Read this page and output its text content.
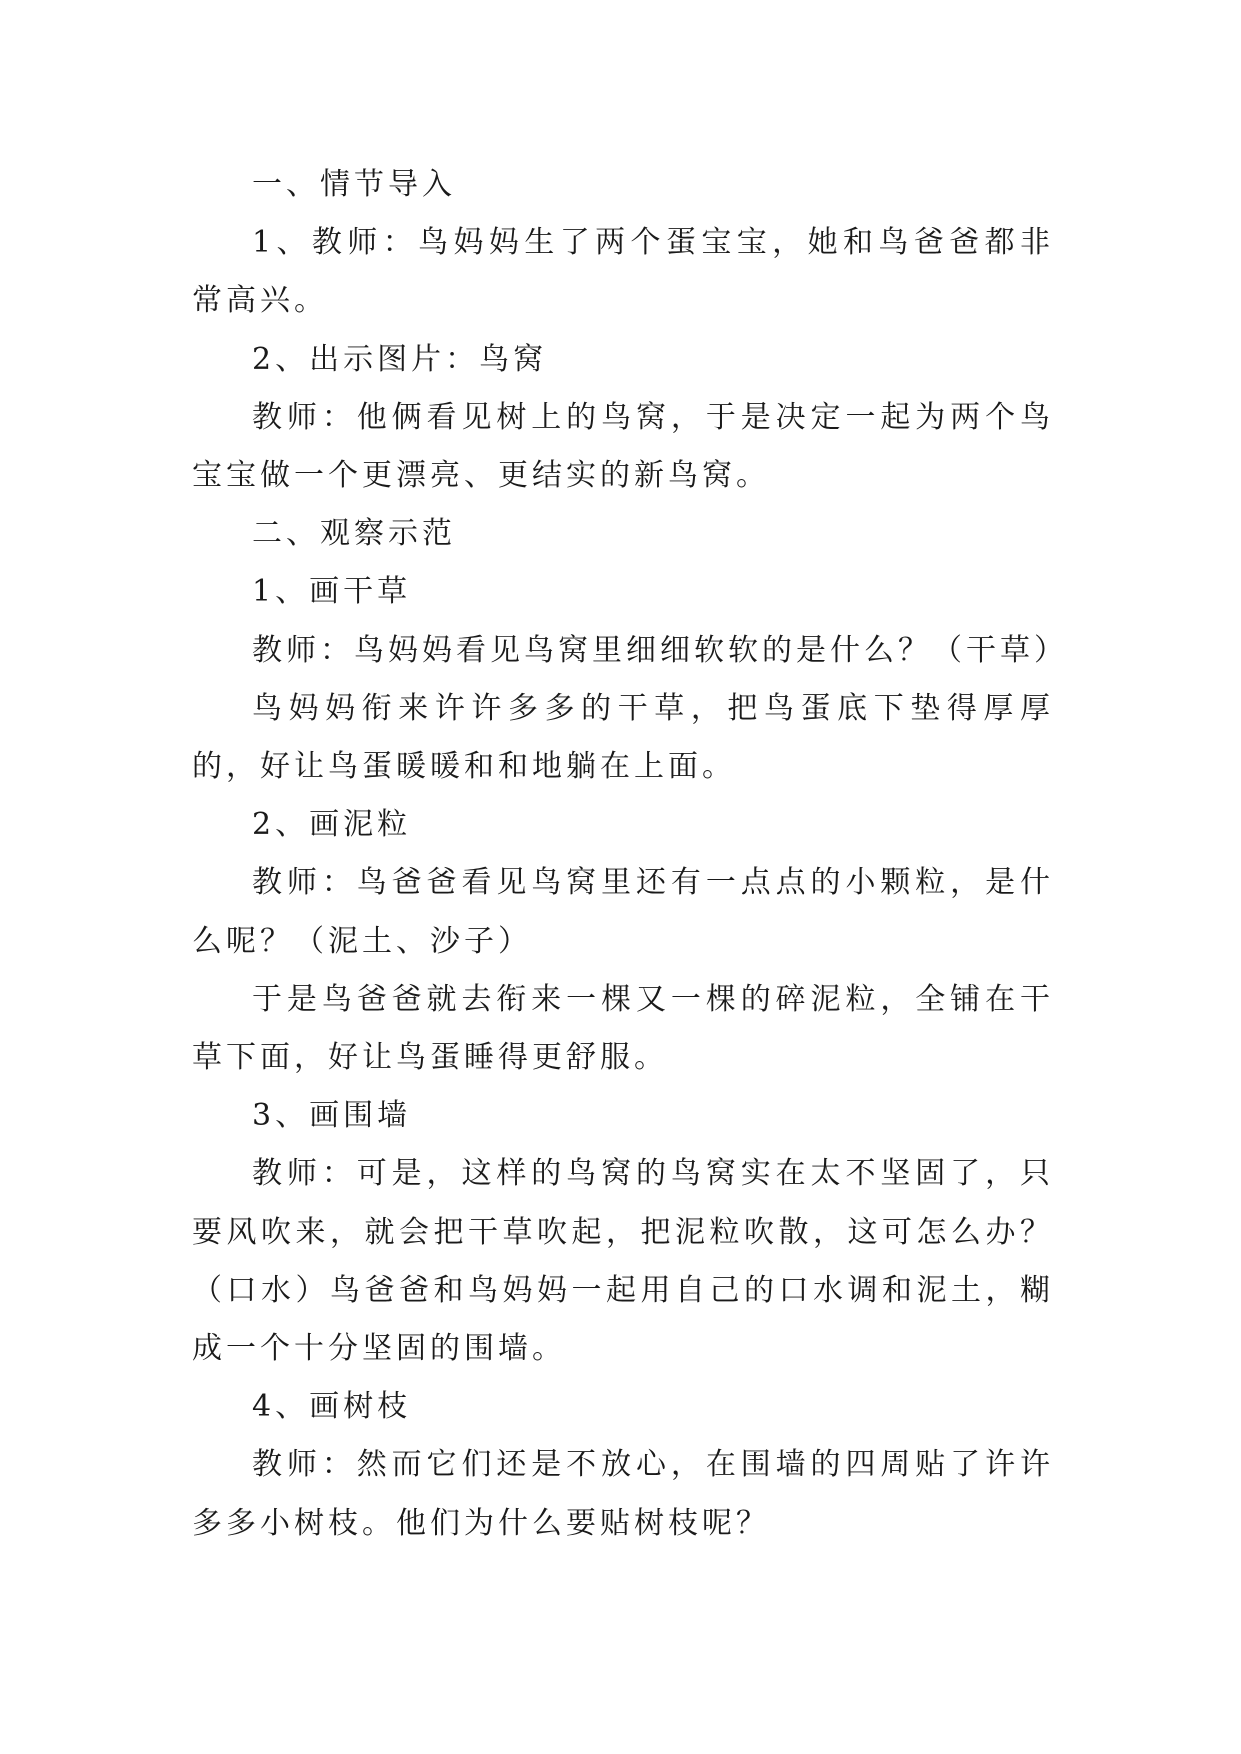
一、情节导入

1、教师：鸟妈妈生了两个蛋宝宝，她和鸟爸爸都非常高兴。

2、出示图片：鸟窝

教师：他俩看见树上的鸟窝，于是决定一起为两个鸟宝宝做一个更漂亮、更结实的新鸟窝。

二、观察示范

1、画干草

教师：鸟妈妈看见鸟窝里细细软软的是什么？（干草）

鸟妈妈衔来许许多多的干草，把鸟蛋底下垫得厚厚的，好让鸟蛋暖暖和和地躺在上面。

2、画泥粒

教师：鸟爸爸看见鸟窝里还有一点点的小颗粒，是什么呢？（泥土、沙子）

于是鸟爸爸就去衔来一棵又一棵的碎泥粒，全铺在干草下面，好让鸟蛋睡得更舒服。

3、画围墙

教师：可是，这样的鸟窝的鸟窝实在太不坚固了，只要风吹来，就会把干草吹起，把泥粒吹散，这可怎么办？（口水）鸟爸爸和鸟妈妈一起用自己的口水调和泥土，糊成一个十分坚固的围墙。

4、画树枝

教师：然而它们还是不放心，在围墙的四周贴了许许多多小树枝。他们为什么要贴树枝呢？
